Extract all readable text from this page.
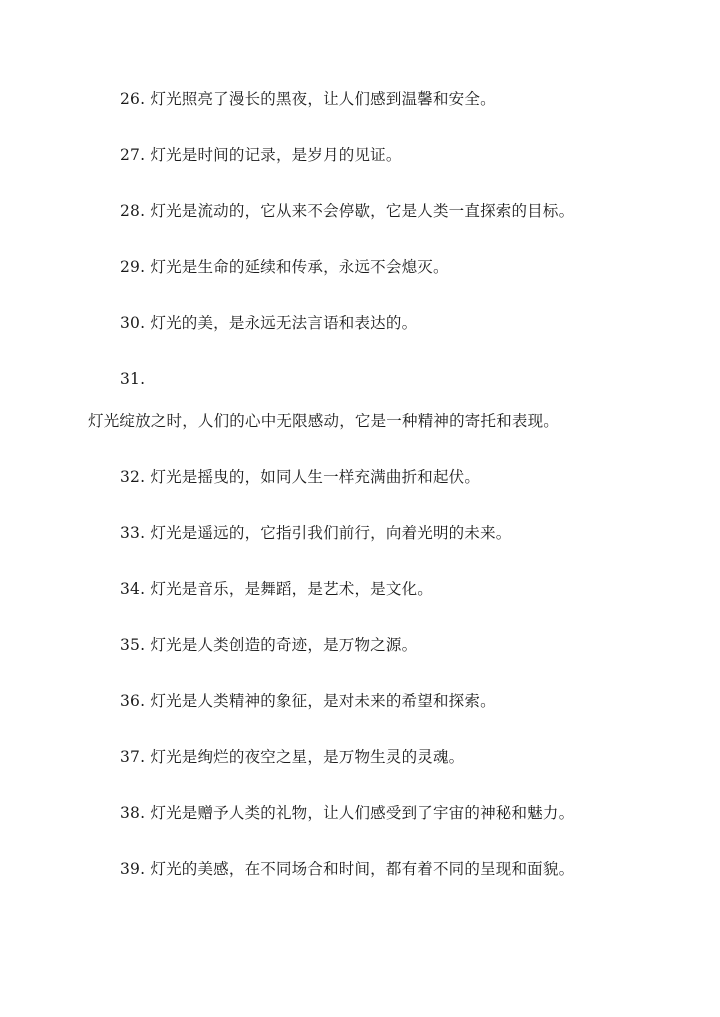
26. 灯光照亮了漫长的黑夜，让人们感到温馨和安全。
27. 灯光是时间的记录，是岁月的见证。
28. 灯光是流动的，它从来不会停歇，它是人类一直探索的目标。
29. 灯光是生命的延续和传承，永远不会熄灭。
30. 灯光的美，是永远无法言语和表达的。
31.
灯光绽放之时，人们的心中无限感动，它是一种精神的寄托和表现。
32. 灯光是摇曳的，如同人生一样充满曲折和起伏。
33. 灯光是遥远的，它指引我们前行，向着光明的未来。
34. 灯光是音乐，是舞蹈，是艺术，是文化。
35. 灯光是人类创造的奇迹，是万物之源。
36. 灯光是人类精神的象征，是对未来的希望和探索。
37. 灯光是绚烂的夜空之星，是万物生灵的灵魂。
38. 灯光是赠予人类的礼物，让人们感受到了宇宙的神秘和魅力。
39. 灯光的美感，在不同场合和时间，都有着不同的呈现和面貌。
